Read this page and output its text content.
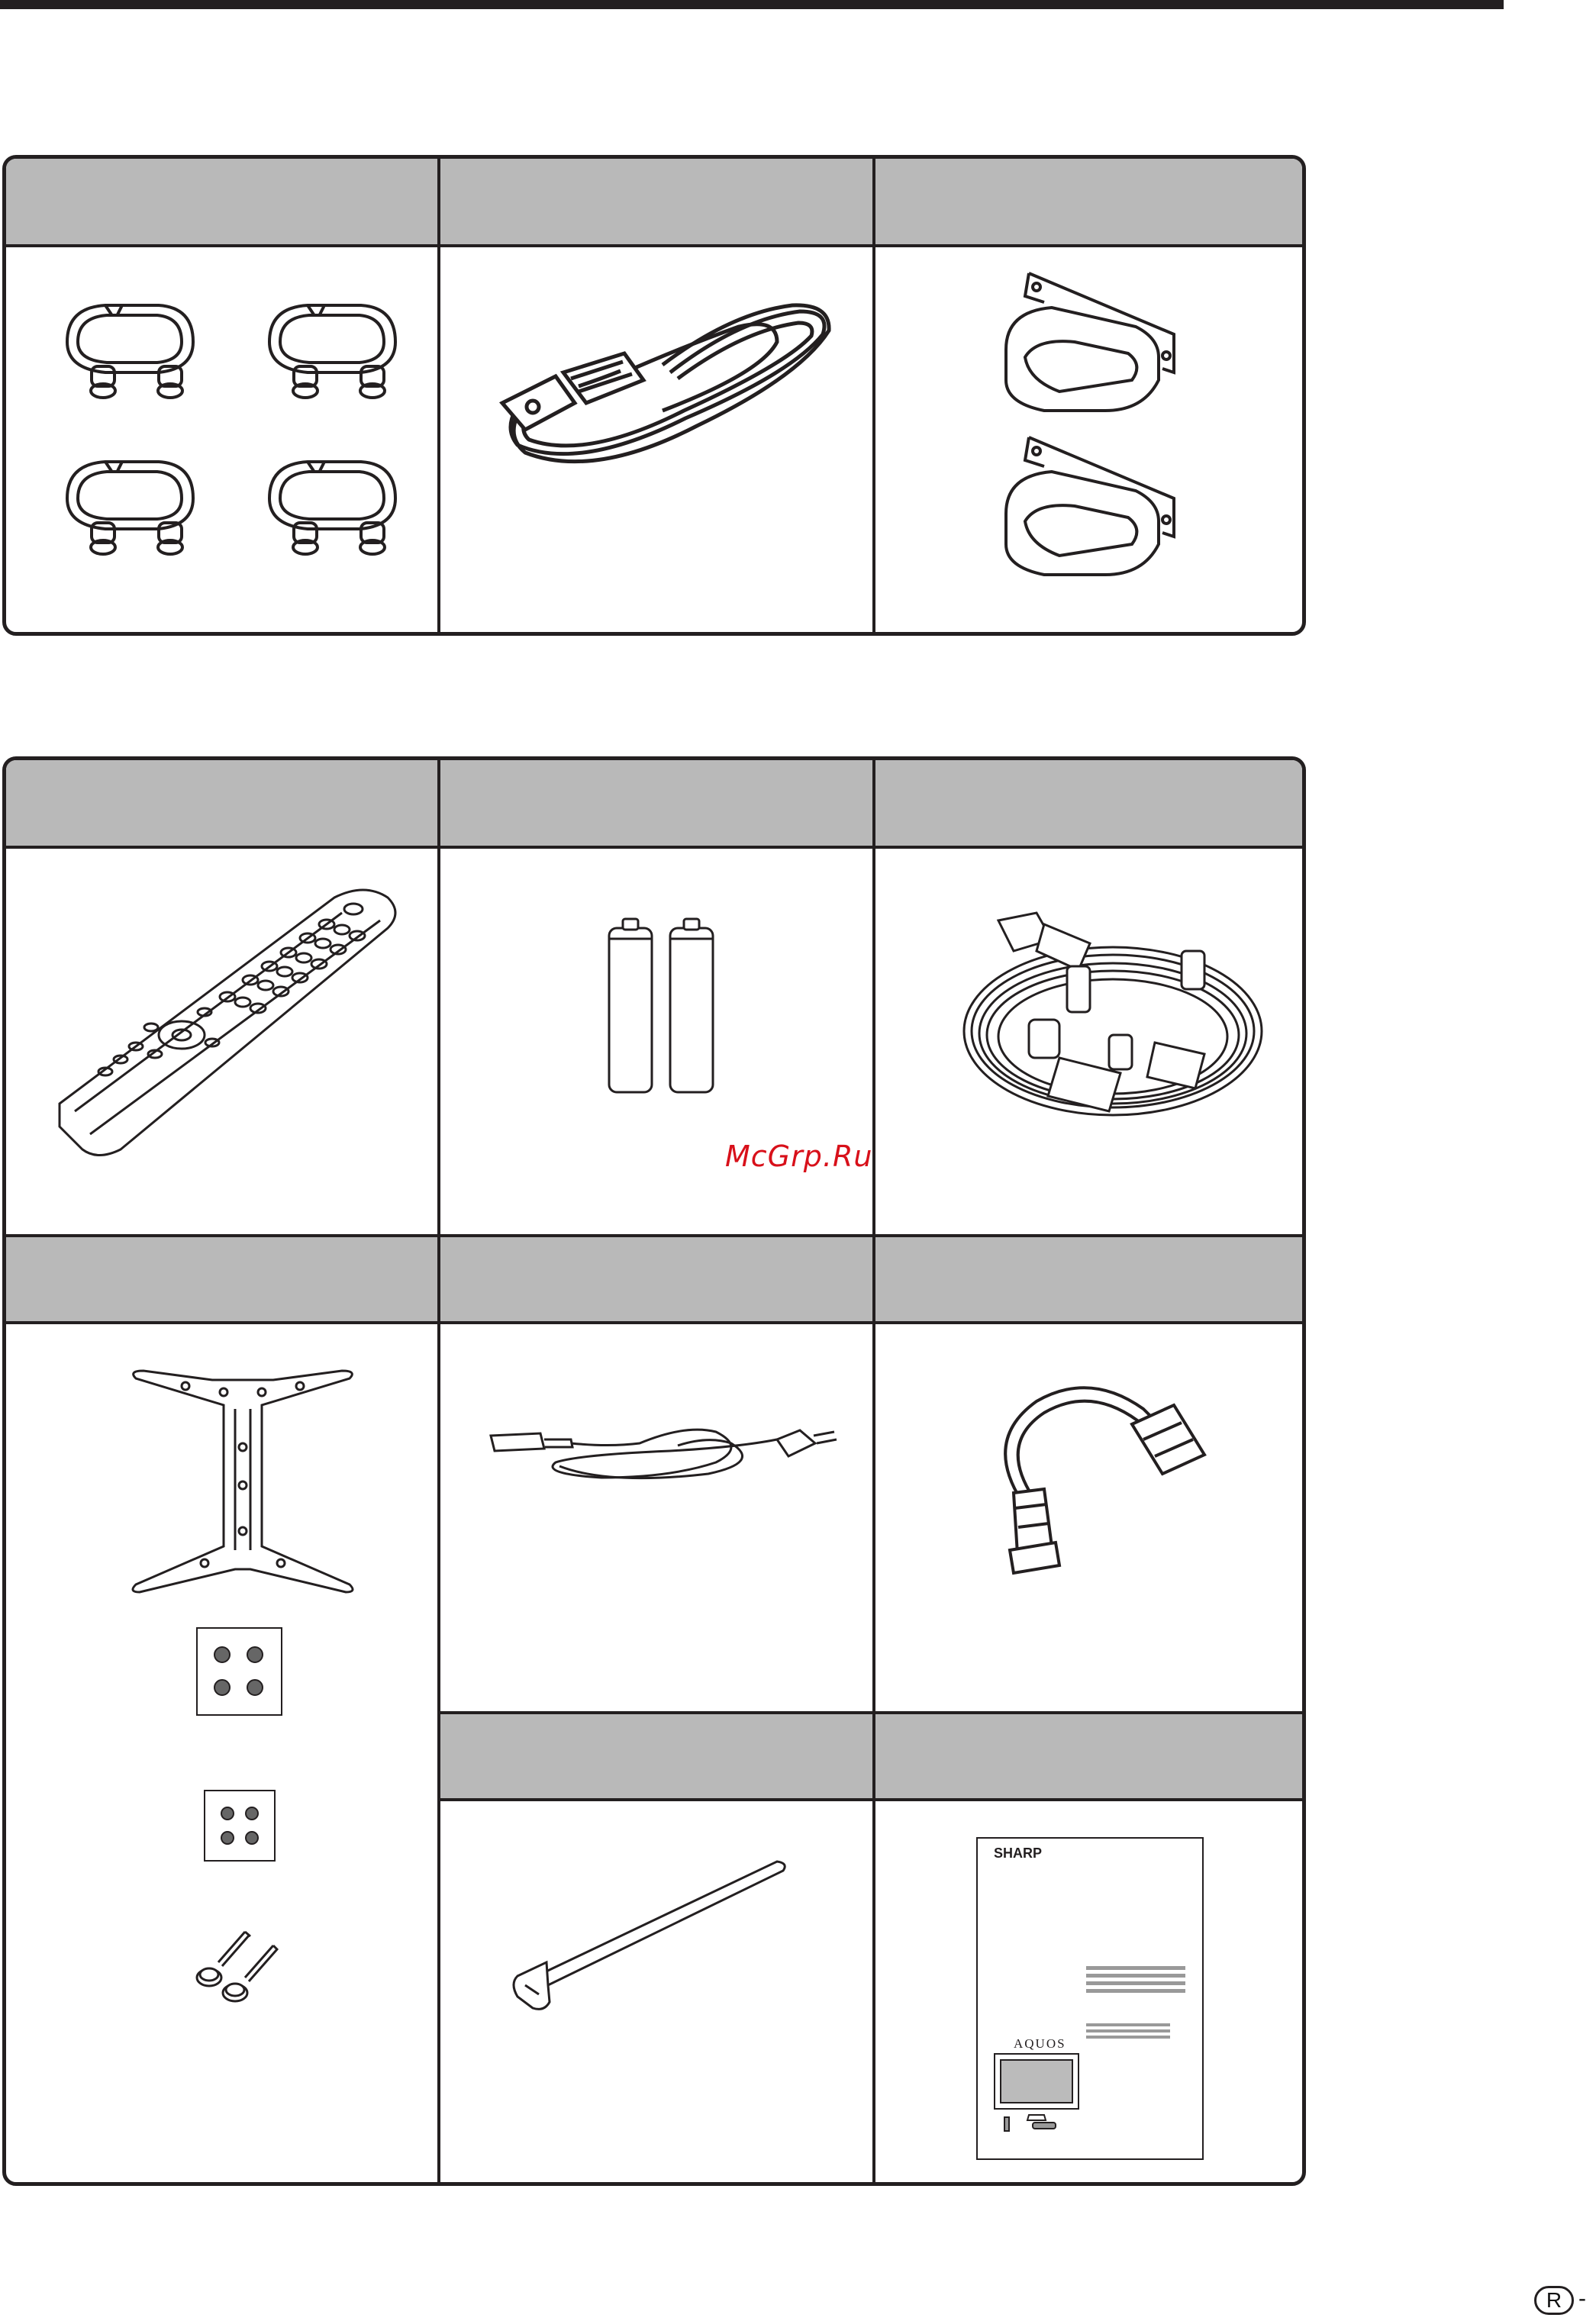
SHARP
AQUOS
McGrp.Ru
R -
